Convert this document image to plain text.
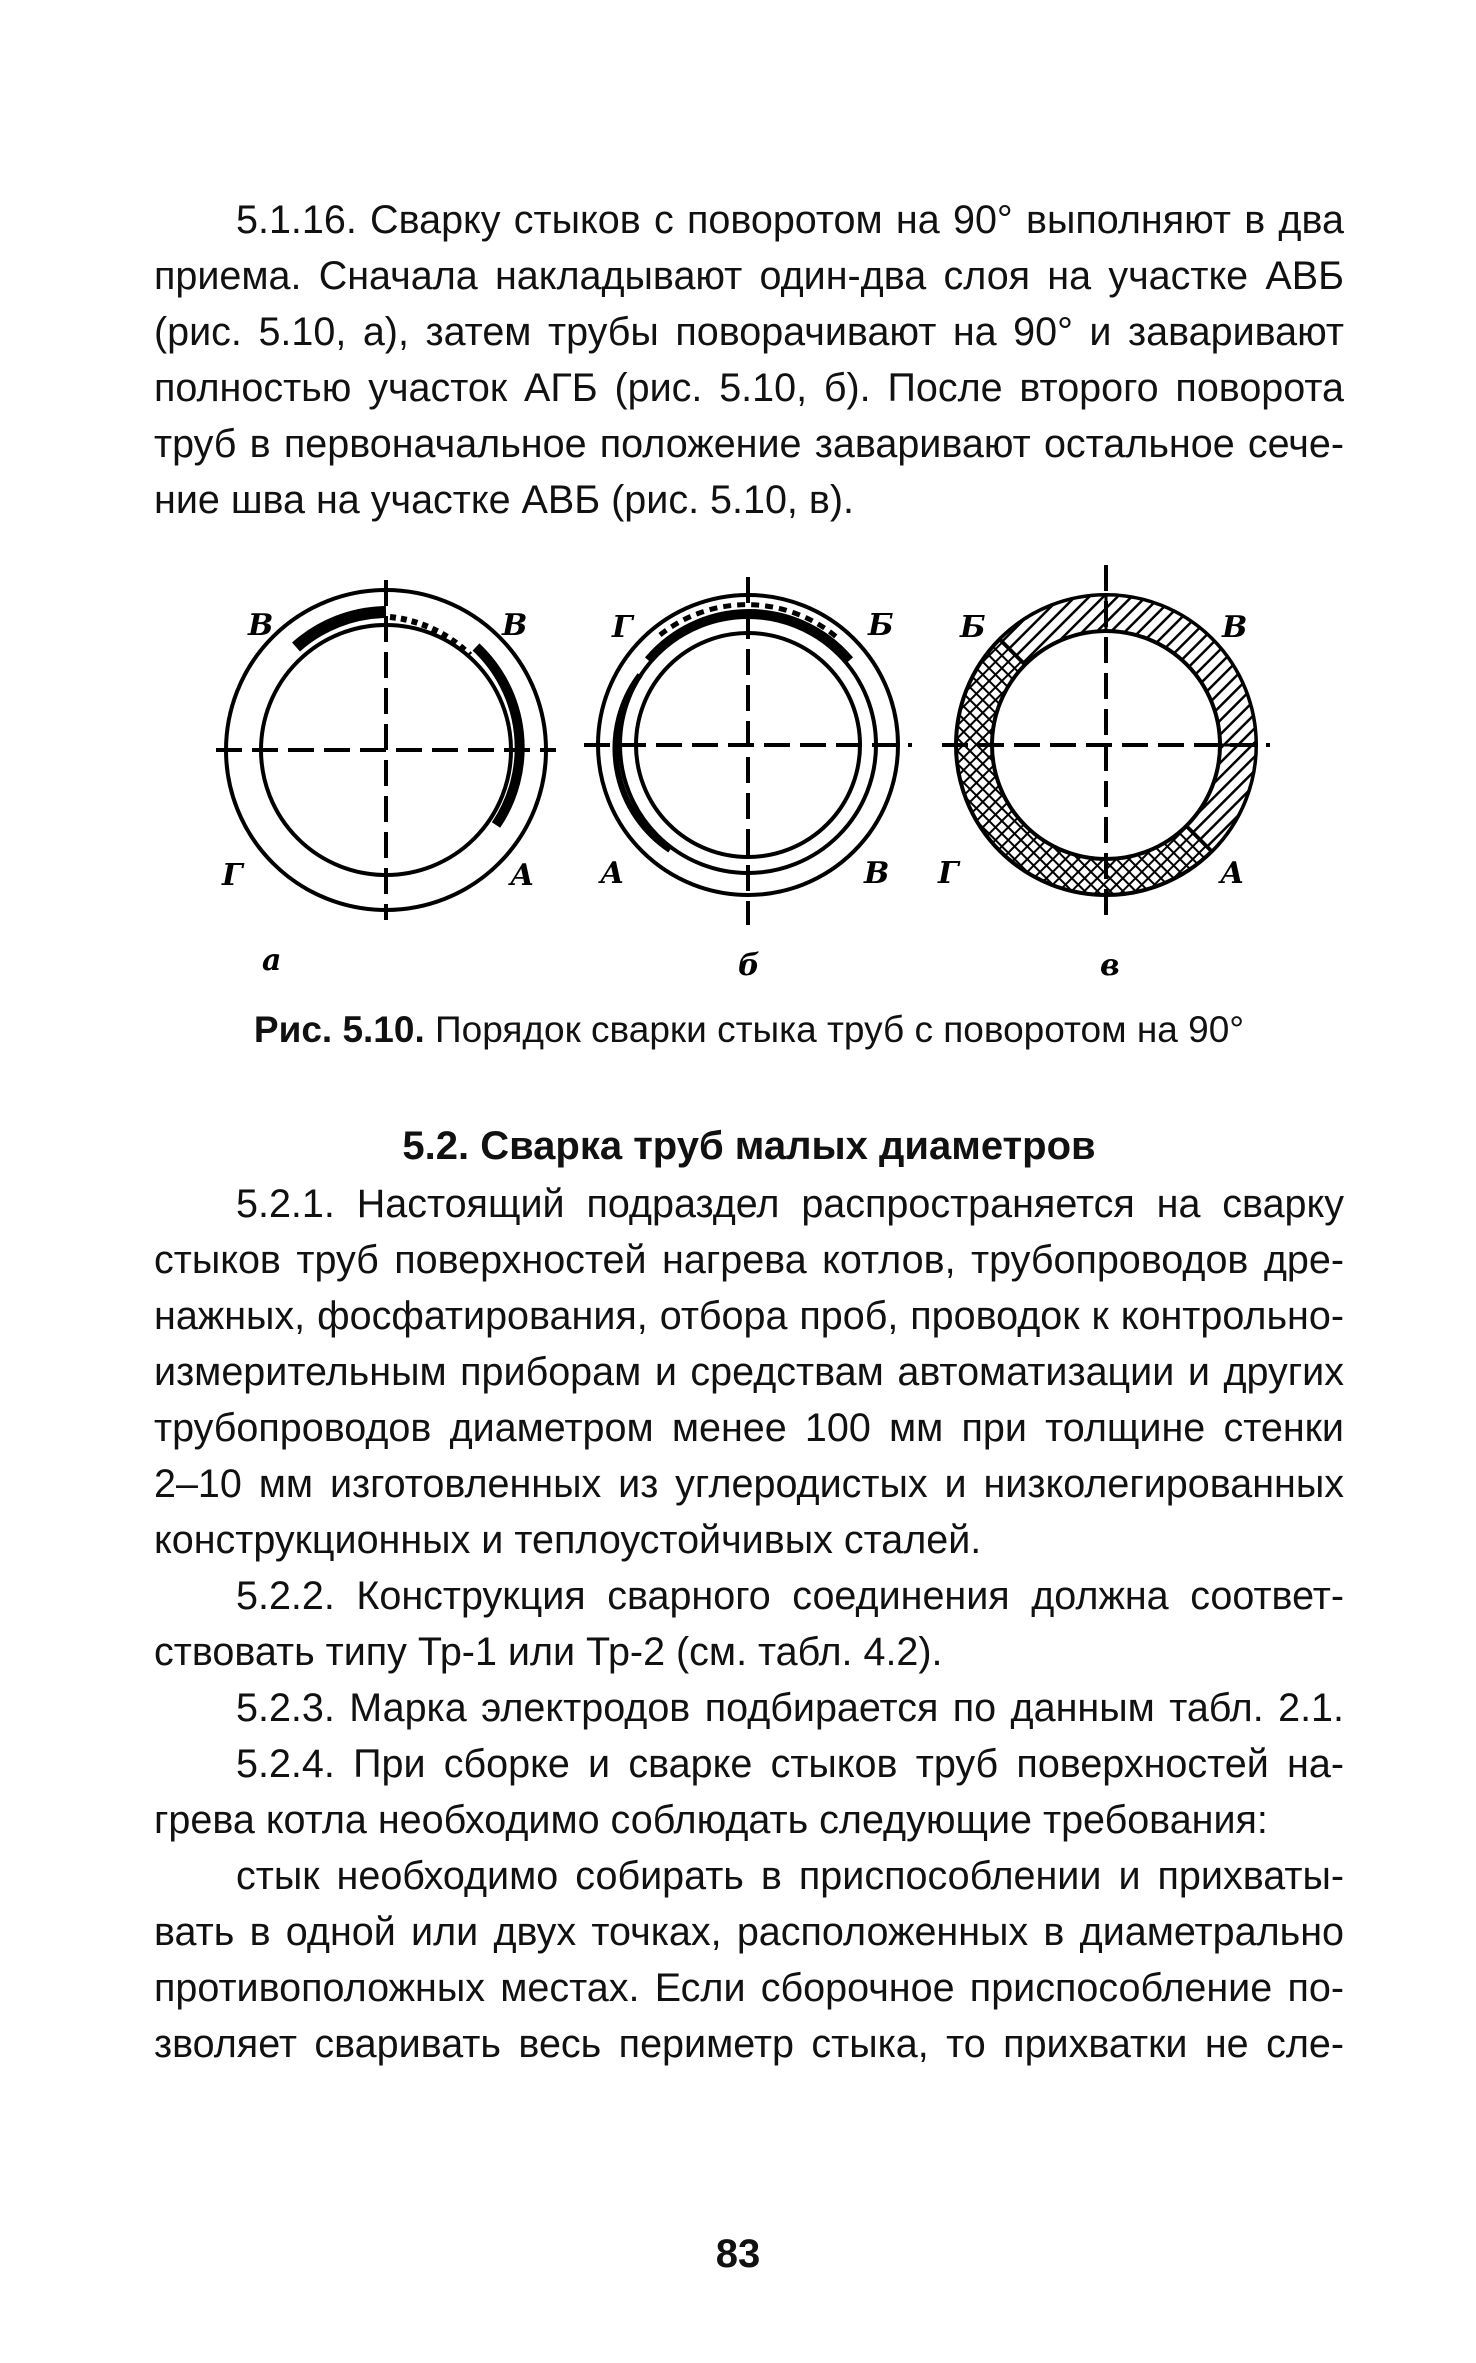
5.1.16. Сварку стыков с поворотом на 90° выполняют в два
приема. Сначала накладывают один-два слоя на участке АВБ
(рис. 5.10, а), затем трубы поворачивают на 90° и заваривают
полностью участок АГБ (рис. 5.10, б). После второго поворота
труб в первоначальное положение заваривают остальное сече-
ние шва на участке АВБ (рис. 5.10, в).
В	В
Г	А
а
Г	Б
А	В
б
Б	В
Г	А
в

Рис. 5.10. Порядок сварки стыка труб с поворотом на 90°

5.2. Сварка труб малых диаметров
5.2.1. Настоящий подраздел распространяется на сварку
стыков труб поверхностей нагрева котлов, трубопроводов дре-
нажных, фосфатирования, отбора проб, проводок к контрольно-
измерительным приборам и средствам автоматизации и других
трубопроводов диаметром менее 100 мм при толщине стенки
2–10 мм изготовленных из углеродистых и низколегированных
конструкционных и теплоустойчивых сталей.
5.2.2. Конструкция сварного соединения должна соответ-
ствовать типу Тр-1 или Тр-2 (см. табл. 4.2).
5.2.3. Марка электродов подбирается по данным табл. 2.1.
5.2.4. При сборке и сварке стыков труб поверхностей на-
грева котла необходимо соблюдать следующие требования:
стык необходимо собирать в приспособлении и прихваты-
вать в одной или двух точках, расположенных в диаметрально
противоположных местах. Если сборочное приспособление по-
зволяет сваривать весь периметр стыка, то прихватки не сле-
83
